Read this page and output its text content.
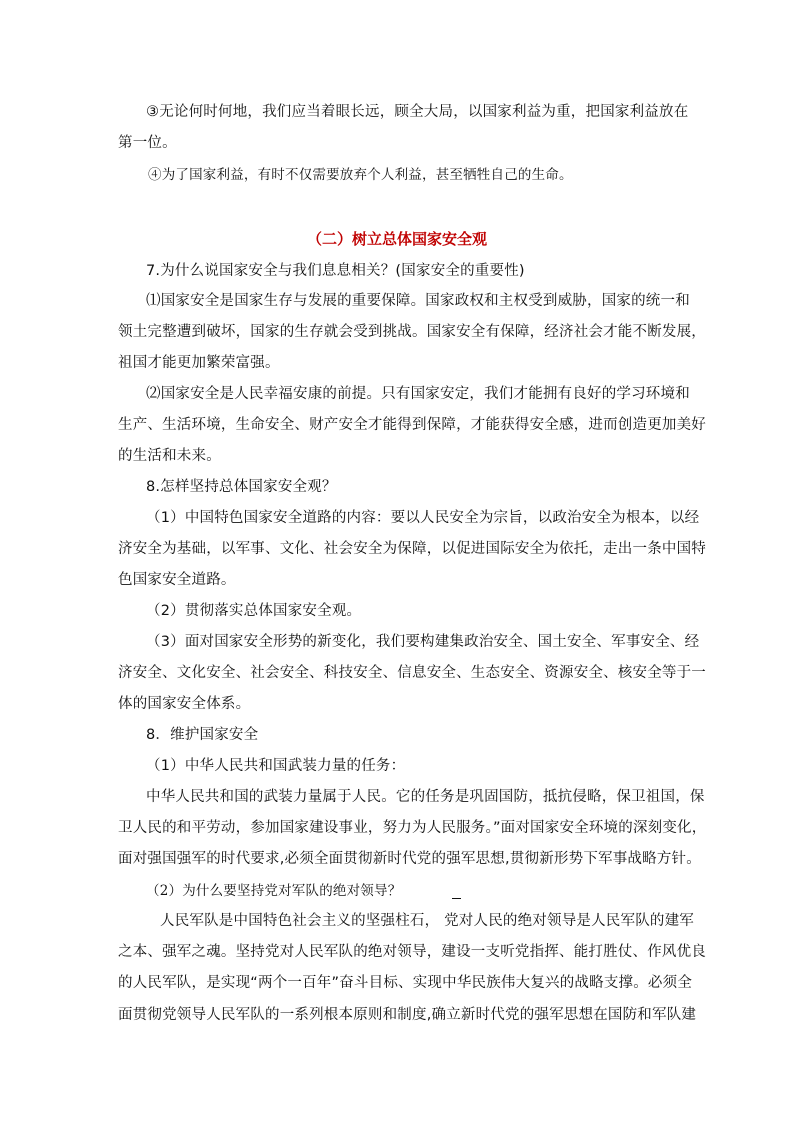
③无论何时何地，我们应当着眼长远，顾全大局，以国家利益为重，把国家利益放在
第一位。
④为了国家利益，有时不仅需要放弃个人利益，甚至牺牲自己的生命。
（二）树立总体国家安全观
7.为什么说国家安全与我们息息相关？(国家安全的重要性)
⑴国家安全是国家生存与发展的重要保障。国家政权和主权受到威胁，国家的统一和
领土完整遭到破坏，国家的生存就会受到挑战。国家安全有保障，经济社会才能不断发展，
祖国才能更加繁荣富强。
⑵国家安全是人民幸福安康的前提。只有国家安定，我们才能拥有良好的学习环境和
生产、生活环境，生命安全、财产安全才能得到保障，才能获得安全感，进而创造更加美好
的生活和未来。
8.怎样坚持总体国家安全观？
（1）中国特色国家安全道路的内容：要以人民安全为宗旨，以政治安全为根本，以经
济安全为基础，以军事、文化、社会安全为保障，以促进国际安全为依托，走出一条中国特
色国家安全道路。
（2）贯彻落实总体国家安全观。
（3）面对国家安全形势的新变化，我们要构建集政治安全、国土安全、军事安全、经
济安全、文化安全、社会安全、科技安全、信息安全、生态安全、资源安全、核安全等于一
体的国家安全体系。
8．维护国家安全
（1）中华人民共和国武装力量的任务：
中华人民共和国的武装力量属于人民。它的任务是巩固国防，抵抗侵略，保卫祖国，保
卫人民的和平劳动，参加国家建设事业，努力为人民服务。”面对国家安全环境的深刻变化，
面对强国强军的时代要求,必须全面贯彻新时代党的强军思想,贯彻新形势下军事战略方针。
（2）为什么要坚持党对军队的绝对领导？
人民军队是中国特色社会主义的坚强柱石， 党对人民的绝对领导是人民军队的建军
之本、强军之魂。坚持党对人民军队的绝对领导，建设一支听党指挥、能打胜仗、作风优良
的人民军队，是实现“两个一百年”奋斗目标、实现中华民族伟大复兴的战略支撑。必须全
面贯彻党领导人民军队的一系列根本原则和制度,确立新时代党的强军思想在国防和军队建
